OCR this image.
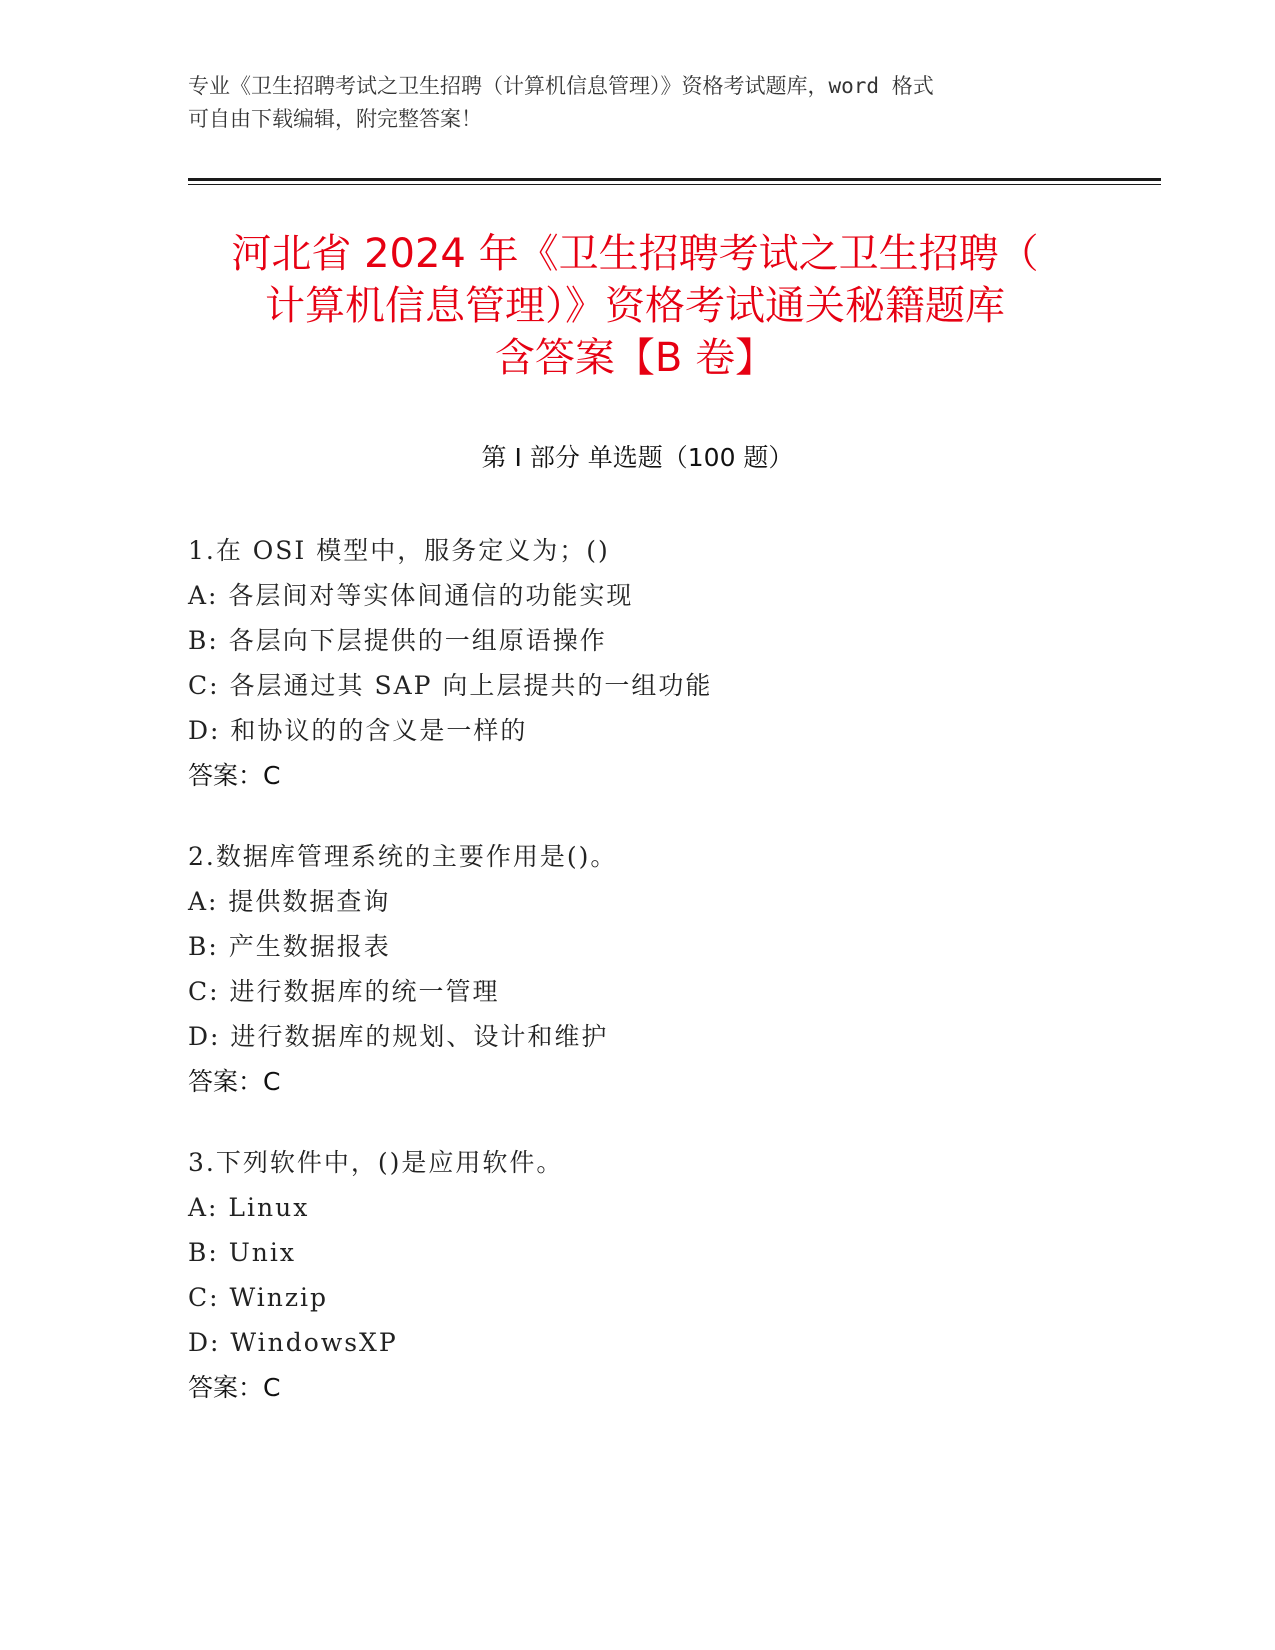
专业《卫生招聘考试之卫生招聘（计算机信息管理）》资格考试题库，word 格式

可自由下载编辑，附完整答案！

河北省 2024 年《卫生招聘考试之卫生招聘（
计算机信息管理）》资格考试通关秘籍题库
含答案【B 卷】
第 I 部分 单选题（100 题）
1.在 OSI 模型中，服务定义为；()
A: 各层间对等实体间通信的功能实现
B: 各层向下层提供的一组原语操作
C: 各层通过其 SAP 向上层提共的一组功能
D: 和协议的的含义是一样的
答案：C
2.数据库管理系统的主要作用是()。
A: 提供数据查询
B: 产生数据报表
C: 进行数据库的统一管理
D: 进行数据库的规划、设计和维护
答案：C
3.下列软件中，()是应用软件。
A: Linux
B: Unix
C: Winzip
D: WindowsXP
答案：C
